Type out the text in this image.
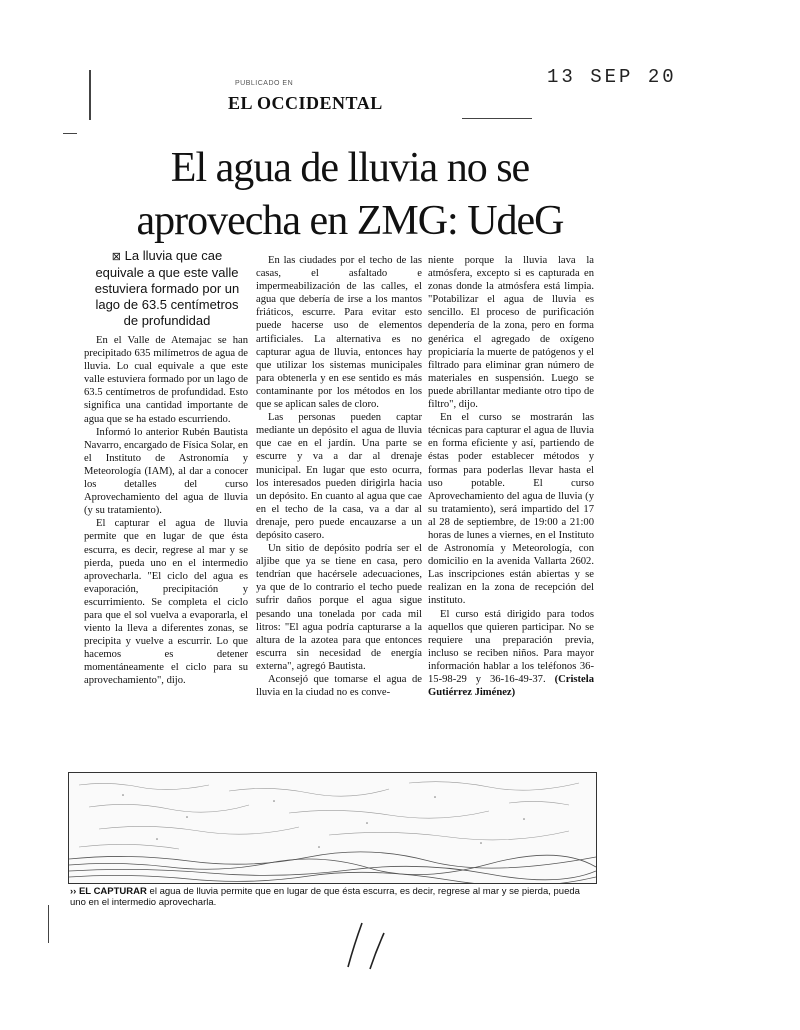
PUBLICADO EN
EL OCCIDENTAL
13 SEP 20
El agua de lluvia no se
aprovecha en ZMG: UdeG
⊠ La lluvia que cae equivale a que este valle estuviera formado por un lago de 63.5 centímetros de profundidad

En el Valle de Atemajac se han precipitado 635 milímetros de agua de lluvia. Lo cual equivale a que este valle estuviera formado por un lago de 63.5 centímetros de profundidad. Esto significa una cantidad importante de agua que se ha estado escurriendo.

Informó lo anterior Rubén Bautista Navarro, encargado de Física Solar, en el Instituto de Astronomía y Meteorología (IAM), al dar a conocer los detalles del curso Aprovechamiento del agua de lluvia (y su tratamiento).

El capturar el agua de lluvia permite que en lugar de que ésta escurra, es decir, regrese al mar y se pierda, pueda uno en el intermedio aprovecharla. "El ciclo del agua es evaporación, precipitación y escurrimiento. Se completa el ciclo para que el sol vuelva a evaporarla, el viento la lleva a diferentes zonas, se precipita y vuelve a escurrir. Lo que hacemos es detener momentáneamente el ciclo para su aprovechamiento", dijo.

En las ciudades por el techo de las casas, el asfaltado e impermeabilización de las calles, el agua que debería de irse a los mantos friáticos, escurre. Para evitar esto puede hacerse uso de elementos artificiales. La alternativa es no capturar agua de lluvia, entonces hay que utilizar los sistemas municipales para obtenerla y en ese sentido es más contaminante por los métodos en los que se aplican sales de cloro.

Las personas pueden captar mediante un depósito el agua de lluvia que cae en el jardín. Una parte se escurre y va a dar al drenaje municipal. En lugar que esto ocurra, los interesados pueden dirigirla hacia un depósito. En cuanto al agua que cae en el techo de la casa, va a dar al drenaje, pero puede encauzarse a un depósito casero.

Un sitio de depósito podría ser el aljibe que ya se tiene en casa, pero tendrían que hacérsele adecuaciones, ya que de lo contrario el techo puede sufrir daños porque el agua sigue pesando una tonelada por cada mil litros: "El agua podría capturarse a la altura de la azotea para que entonces escurra sin necesidad de energía externa", agregó Bautista.

Aconsejó que tomarse el agua de lluvia en la ciudad no es conve-

niente porque la lluvia lava la atmósfera, excepto si es capturada en zonas donde la atmósfera está limpia. "Potabilizar el agua de lluvia es sencillo. El proceso de purificación dependería de la zona, pero en forma genérica el agregado de oxígeno propiciaría la muerte de patógenos y el filtrado para eliminar gran número de materiales en suspensión. Luego se puede abrillantar mediante otro tipo de filtro", dijo.

En el curso se mostrarán las técnicas para capturar el agua de lluvia en forma eficiente y así, partiendo de éstas poder establecer métodos y formas para poderlas llevar hasta el uso potable. El curso Aprovechamiento del agua de lluvia (y su tratamiento), será impartido del 17 al 28 de septiembre, de 19:00 a 21:00 horas de lunes a viernes, en el Instituto de Astronomía y Meteorología, con domicilio en la avenida Vallarta 2602. Las inscripciones están abiertas y se realizan en la zona de recepción del instituto.

El curso está dirigido para todos aquellos que quieren participar. No se requiere una preparación previa, incluso se reciben niños. Para mayor información hablar a los teléfonos 36-15-98-29 y 36-16-49-37. (Cristela Gutiérrez Jiménez)

›› EL CAPTURAR el agua de lluvia permite que en lugar de que ésta escurra, es decir, regrese al mar y se pierda, pueda uno en el intermedio aprovecharla.
